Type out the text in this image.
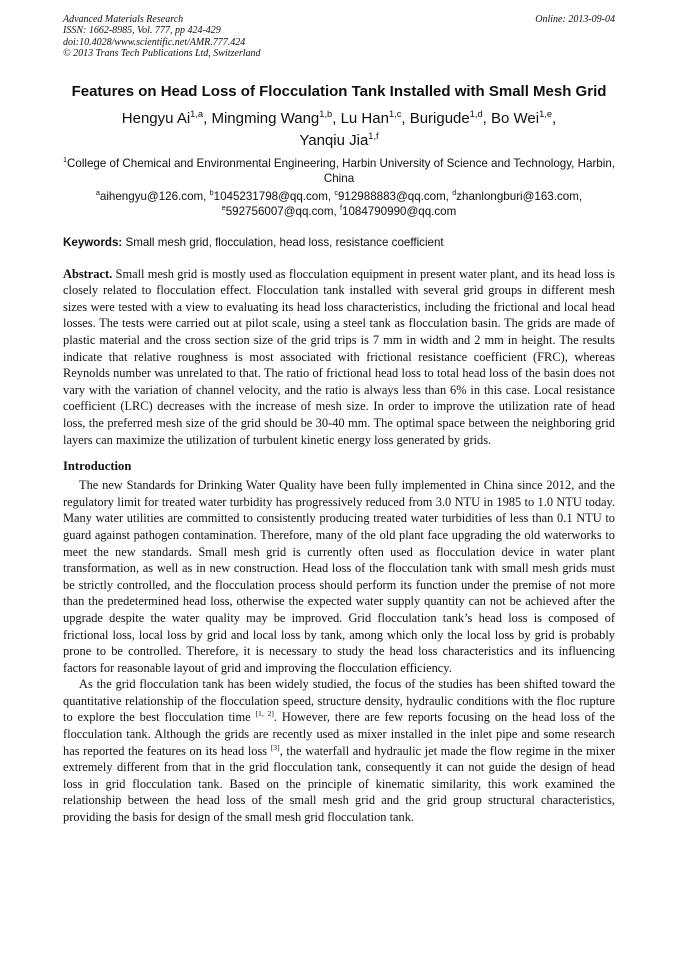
Advanced Materials Research
ISSN: 1662-8985, Vol. 777, pp 424-429
doi:10.4028/www.scientific.net/AMR.777.424
© 2013 Trans Tech Publications Ltd, Switzerland
Online: 2013-09-04
Features on Head Loss of Flocculation Tank Installed with Small Mesh Grid
Hengyu Ai$^{1,a}$, Mingming Wang$^{1,b}$, Lu Han$^{1,c}$, Burigude$^{1,d}$, Bo Wei$^{1,e}$,
Yanqiu Jia$^{1,f}$
$^1$College of Chemical and Environmental Engineering, Harbin University of Science and Technology, Harbin, China
$^a$aihengyu@126.com, $^b$1045231798@qq.com, $^c$912988883@qq.com, $^d$zhanlongburi@163.com,
$^e$592756007@qq.com, $^f$1084790990@qq.com
Keywords: Small mesh grid, flocculation, head loss, resistance coefficient
Abstract. Small mesh grid is mostly used as flocculation equipment in present water plant, and its head loss is closely related to flocculation effect. Flocculation tank installed with several grid groups in different mesh sizes were tested with a view to evaluating its head loss characteristics, including the frictional and local head losses. The tests were carried out at pilot scale, using a steel tank as flocculation basin. The grids are made of plastic material and the cross section size of the grid trips is 7 mm in width and 2 mm in height. The results indicate that relative roughness is most associated with frictional resistance coefficient (FRC), whereas Reynolds number was unrelated to that. The ratio of frictional head loss to total head loss of the basin does not vary with the variation of channel velocity, and the ratio is always less than 6% in this case. Local resistance coefficient (LRC) decreases with the increase of mesh size. In order to improve the utilization rate of head loss, the preferred mesh size of the grid should be 30-40 mm. The optimal space between the neighboring grid layers can maximize the utilization of turbulent kinetic energy loss generated by grids.
Introduction

The new Standards for Drinking Water Quality have been fully implemented in China since 2012, and the regulatory limit for treated water turbidity has progressively reduced from 3.0 NTU in 1985 to 1.0 NTU today. Many water utilities are committed to consistently producing treated water turbidities of less than 0.1 NTU to guard against pathogen contamination. Therefore, many of the old plant face upgrading the old waterworks to meet the new standards. Small mesh grid is currently often used as flocculation device in water plant transformation, as well as in new construction. Head loss of the flocculation tank with small mesh grids must be strictly controlled, and the flocculation process should perform its function under the premise of not more than the predetermined head loss, otherwise the expected water supply quantity can not be achieved after the upgrade despite the water quality may be improved. Grid flocculation tank’s head loss is composed of frictional loss, local loss by grid and local loss by tank, among which only the local loss by grid is probably prone to be controlled. Therefore, it is necessary to study the head loss characteristics and its influencing factors for reasonable layout of grid and improving the flocculation efficiency.

As the grid flocculation tank has been widely studied, the focus of the studies has been shifted toward the quantitative relationship of the flocculation speed, structure density, hydraulic conditions with the floc rupture to explore the best flocculation time [1, 2]. However, there are few reports focusing on the head loss of the flocculation tank. Although the grids are recently used as mixer installed in the inlet pipe and some research has reported the features on its head loss [3], the waterfall and hydraulic jet made the flow regime in the mixer extremely different from that in the grid flocculation tank, consequently it can not guide the design of head loss in grid flocculation tank. Based on the principle of kinematic similarity, this work examined the relationship between the head loss of the small mesh grid and the grid group structural characteristics, providing the basis for design of the small mesh grid flocculation tank.
